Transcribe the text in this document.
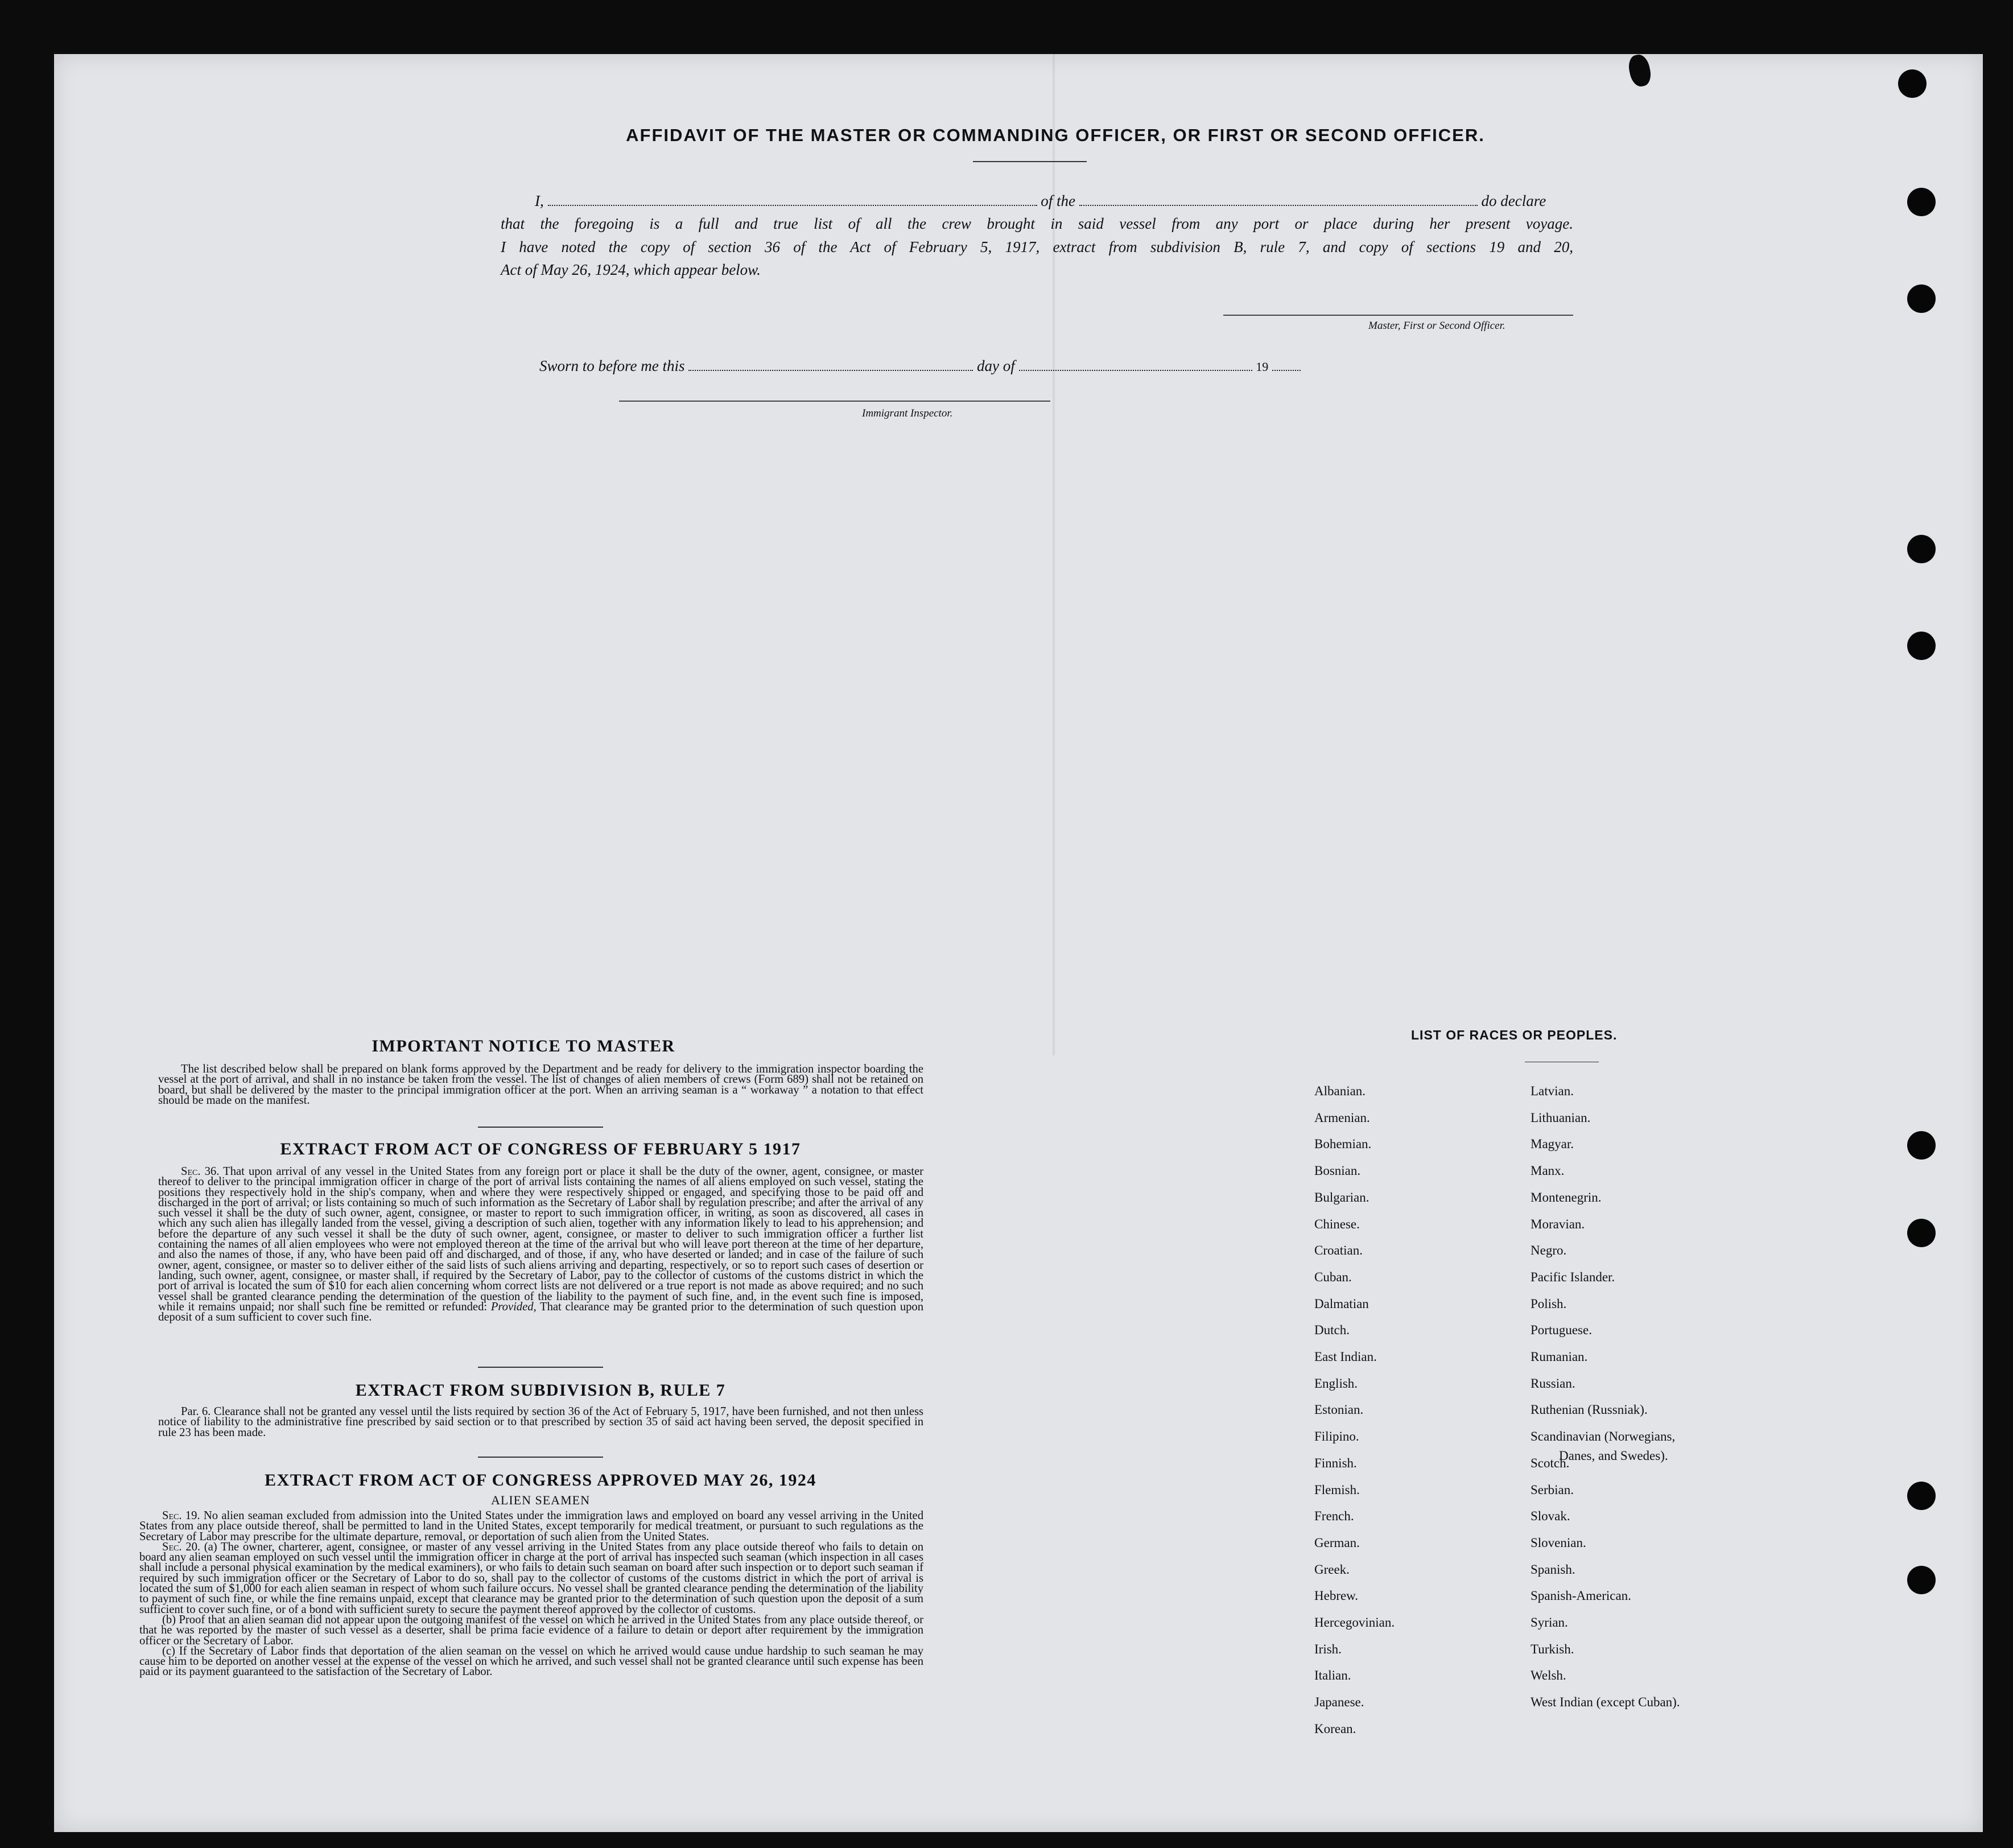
AFFIDAVIT OF THE MASTER OR COMMANDING OFFICER, OR FIRST OR SECOND OFFICER.
I,	of the	do declare
that the foregoing is a full and true list of all the crew brought in said vessel from any port or place during her present voyage.
I have noted the copy of section 36 of the Act of February 5, 1917, extract from subdivision B, rule 7, and copy of sections 19 and 20,
Act of May 26, 1924, which appear below.
Master, First or Second Officer.
Sworn to before me this	day of	19
Immigrant Inspector.
IMPORTANT NOTICE TO MASTER

The list described below shall be prepared on blank forms approved by the Department and be ready for delivery to the immigration inspector boarding the vessel at the port of arrival, and shall in no instance be taken from the vessel. The list of changes of alien members of crews (Form 689) shall not be retained on board, but shall be delivered by the master to the principal immigration officer at the port. When an arriving seaman is a “ workaway ” a notation to that effect should be made on the manifest.

EXTRACT FROM ACT OF CONGRESS OF FEBRUARY 5 1917

Sec. 36. That upon arrival of any vessel in the United States from any foreign port or place it shall be the duty of the owner, agent, consignee, or master thereof to deliver to the principal immigration officer in charge of the port of arrival lists containing the names of all aliens employed on such vessel, stating the positions they respectively hold in the ship's company, when and where they were respectively shipped or engaged, and specifying those to be paid off and discharged in the port of arrival; or lists containing so much of such information as the Secretary of Labor shall by regulation prescribe; and after the arrival of any such vessel it shall be the duty of such owner, agent, consignee, or master to report to such immigration officer, in writing, as soon as discovered, all cases in which any such alien has illegally landed from the vessel, giving a description of such alien, together with any information likely to lead to his apprehension; and before the departure of any such vessel it shall be the duty of such owner, agent, consignee, or master to deliver to such immigration officer a further list containing the names of all alien employees who were not employed thereon at the time of the arrival but who will leave port thereon at the time of her departure, and also the names of those, if any, who have been paid off and discharged, and of those, if any, who have deserted or landed; and in case of the failure of such owner, agent, consignee, or master so to deliver either of the said lists of such aliens arriving and departing, respectively, or so to report such cases of desertion or landing, such owner, agent, consignee, or master shall, if required by the Secretary of Labor, pay to the collector of customs of the customs district in which the port of arrival is located the sum of $10 for each alien concerning whom correct lists are not delivered or a true report is not made as above required; and no such vessel shall be granted clearance pending the determination of the question of the liability to the payment of such fine, and, in the event such fine is imposed, while it remains unpaid; nor shall such fine be remitted or refunded: Provided, That clearance may be granted prior to the determination of such question upon deposit of a sum sufficient to cover such fine.

EXTRACT FROM SUBDIVISION B, RULE 7

Par. 6. Clearance shall not be granted any vessel until the lists required by section 36 of the Act of February 5, 1917, have been furnished, and not then unless notice of liability to the administrative fine prescribed by said section or to that prescribed by section 35 of said act having been served, the deposit specified in rule 23 has been made.

EXTRACT FROM ACT OF CONGRESS APPROVED MAY 26, 1924
ALIEN SEAMEN

Sec. 19. No alien seaman excluded from admission into the United States under the immigration laws and employed on board any vessel arriving in the United States from any place outside thereof, shall be permitted to land in the United States, except temporarily for medical treatment, or pursuant to such regulations as the Secretary of Labor may prescribe for the ultimate departure, removal, or deportation of such alien from the United States.

Sec. 20. (a) The owner, charterer, agent, consignee, or master of any vessel arriving in the United States from any place outside thereof who fails to detain on board any alien seaman employed on such vessel until the immigration officer in charge at the port of arrival has inspected such seaman (which inspection in all cases shall include a personal physical examination by the medical examiners), or who fails to detain such seaman on board after such inspection or to deport such seaman if required by such immigration officer or the Secretary of Labor to do so, shall pay to the collector of customs of the customs district in which the port of arrival is located the sum of $1,000 for each alien seaman in respect of whom such failure occurs. No vessel shall be granted clearance pending the determination of the liability to payment of such fine, or while the fine remains unpaid, except that clearance may be granted prior to the determination of such question upon the deposit of a sum sufficient to cover such fine, or of a bond with sufficient surety to secure the payment thereof approved by the collector of customs.

(b) Proof that an alien seaman did not appear upon the outgoing manifest of the vessel on which he arrived in the United States from any place outside thereof, or that he was reported by the master of such vessel as a deserter, shall be prima facie evidence of a failure to detain or deport after requirement by the immigration officer or the Secretary of Labor.

(c) If the Secretary of Labor finds that deportation of the alien seaman on the vessel on which he arrived would cause undue hardship to such seaman he may cause him to be deported on another vessel at the expense of the vessel on which he arrived, and such vessel shall not be granted clearance until such expense has been paid or its payment guaranteed to the satisfaction of the Secretary of Labor.

LIST OF RACES OR PEOPLES.
Albanian.
Armenian.
Bohemian.
Bosnian.
Bulgarian.
Chinese.
Croatian.
Cuban.
Dalmatian
Dutch.
East Indian.
English.
Estonian.
Filipino.
Finnish.
Flemish.
French.
German.
Greek.
Hebrew.
Hercegovinian.
Irish.
Italian.
Japanese.
Korean.
Latvian.
Lithuanian.
Magyar.
Manx.
Montenegrin.
Moravian.
Negro.
Pacific Islander.
Polish.
Portuguese.
Rumanian.
Russian.
Ruthenian (Russniak).
Scandinavian (Norwegians,
Danes, and Swedes).
Scotch.
Serbian.
Slovak.
Slovenian.
Spanish.
Spanish-American.
Syrian.
Turkish.
Welsh.
West Indian (except Cuban).
